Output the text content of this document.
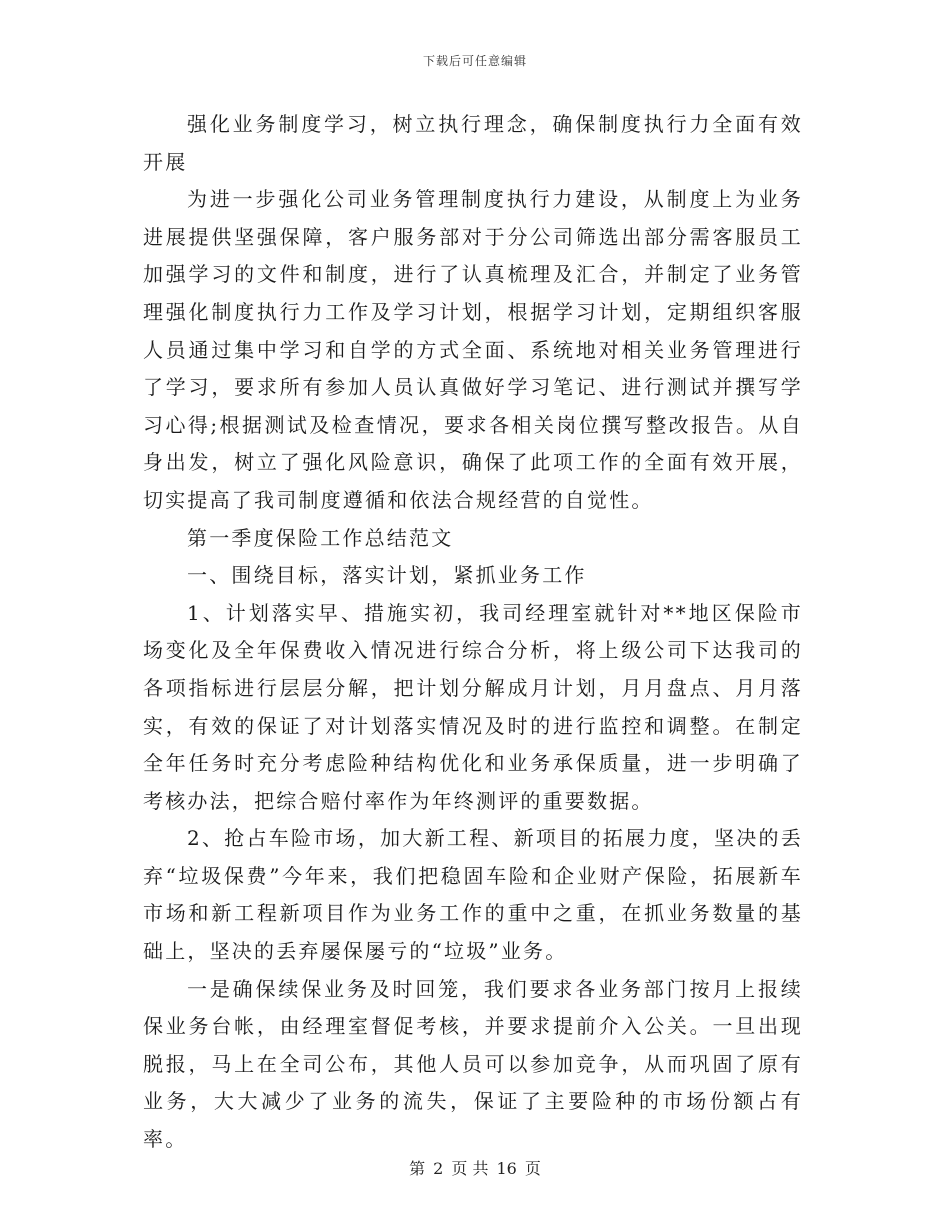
下载后可任意编辑

强化业务制度学习，树立执行理念，确保制度执行力全面有效开展

为进一步强化公司业务管理制度执行力建设，从制度上为业务进展提供坚强保障，客户服务部对于分公司筛选出部分需客服员工加强学习的文件和制度，进行了认真梳理及汇合，并制定了业务管理强化制度执行力工作及学习计划，根据学习计划，定期组织客服人员通过集中学习和自学的方式全面、系统地对相关业务管理进行了学习，要求所有参加人员认真做好学习笔记、进行测试并撰写学习心得;根据测试及检查情况，要求各相关岗位撰写整改报告。从自身出发，树立了强化风险意识，确保了此项工作的全面有效开展，切实提高了我司制度遵循和依法合规经营的自觉性。

第一季度保险工作总结范文

一、围绕目标，落实计划，紧抓业务工作

1、计划落实早、措施实初，我司经理室就针对**地区保险市场变化及全年保费收入情况进行综合分析，将上级公司下达我司的各项指标进行层层分解，把计划分解成月计划，月月盘点、月月落实，有效的保证了对计划落实情况及时的进行监控和调整。在制定全年任务时充分考虑险种结构优化和业务承保质量，进一步明确了考核办法，把综合赔付率作为年终测评的重要数据。

2、抢占车险市场，加大新工程、新项目的拓展力度，坚决的丢弃“垃圾保费”今年来，我们把稳固车险和企业财产保险，拓展新车市场和新工程新项目作为业务工作的重中之重，在抓业务数量的基础上，坚决的丢弃屡保屡亏的“垃圾”业务。

一是确保续保业务及时回笼，我们要求各业务部门按月上报续保业务台帐，由经理室督促考核，并要求提前介入公关。一旦出现脱报，马上在全司公布，其他人员可以参加竞争，从而巩固了原有业务，大大减少了业务的流失，保证了主要险种的市场份额占有率。

第 2 页 共 16 页
